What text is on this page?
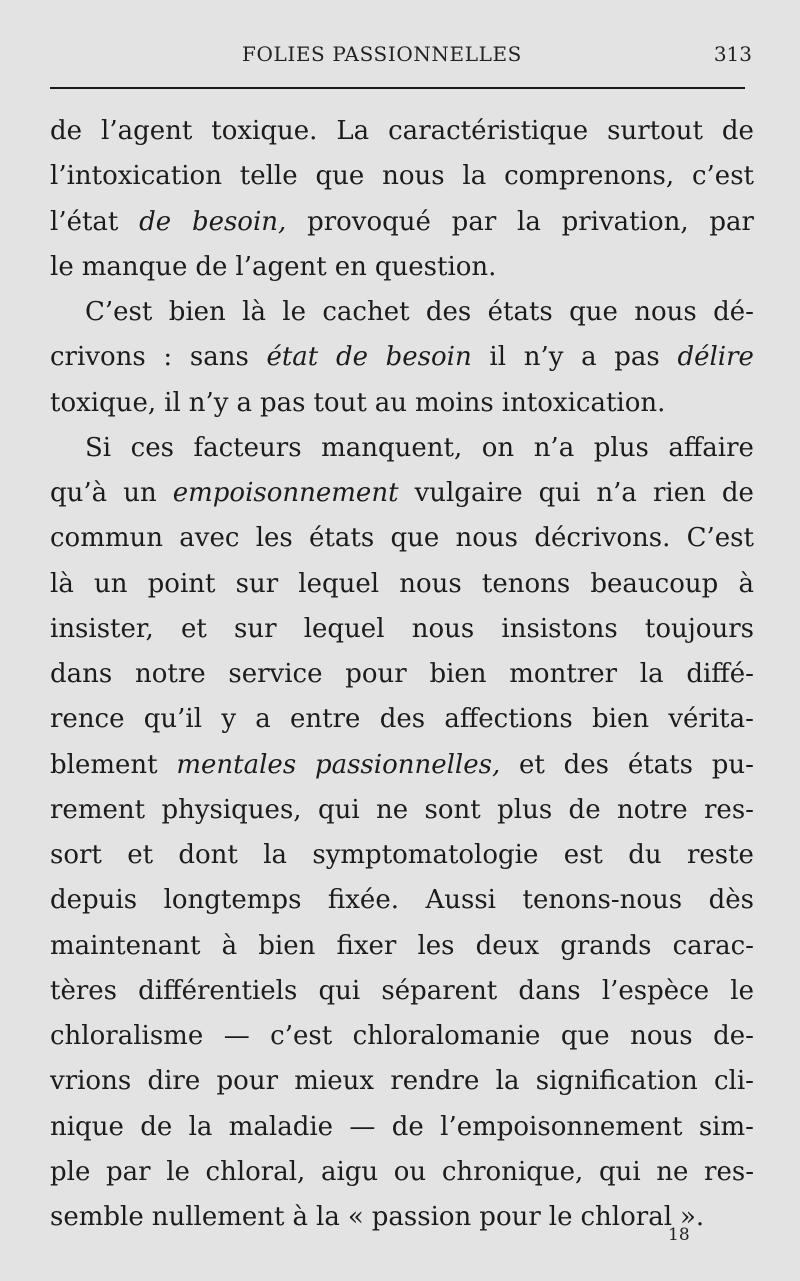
FOLIES PASSIONNELLES	313
de l’agent toxique. La caractéristique surtout de
l’intoxication telle que nous la comprenons, c’est
l’état de besoin, provoqué par la privation, par
le manque de l’agent en question.
C’est bien là le cachet des états que nous dé-
crivons : sans état de besoin il n’y a pas délire
toxique, il n’y a pas tout au moins intoxication.
Si ces facteurs manquent, on n’a plus affaire
qu’à un empoisonnement vulgaire qui n’a rien de
commun avec les états que nous décrivons. C’est
là un point sur lequel nous tenons beaucoup à
insister, et sur lequel nous insistons toujours
dans notre service pour bien montrer la diffé-
rence qu’il y a entre des affections bien vérita-
blement mentales passionnelles, et des états pu-
rement physiques, qui ne sont plus de notre res-
sort et dont la symptomatologie est du reste
depuis longtemps fixée. Aussi tenons-nous dès
maintenant à bien fixer les deux grands carac-
tères différentiels qui séparent dans l’espèce le
chloralisme — c’est chloralomanie que nous de-
vrions dire pour mieux rendre la signification cli-
nique de la maladie — de l’empoisonnement sim-
ple par le chloral, aigu ou chronique, qui ne res-
semble nullement à la « passion pour le chloral ».
18
